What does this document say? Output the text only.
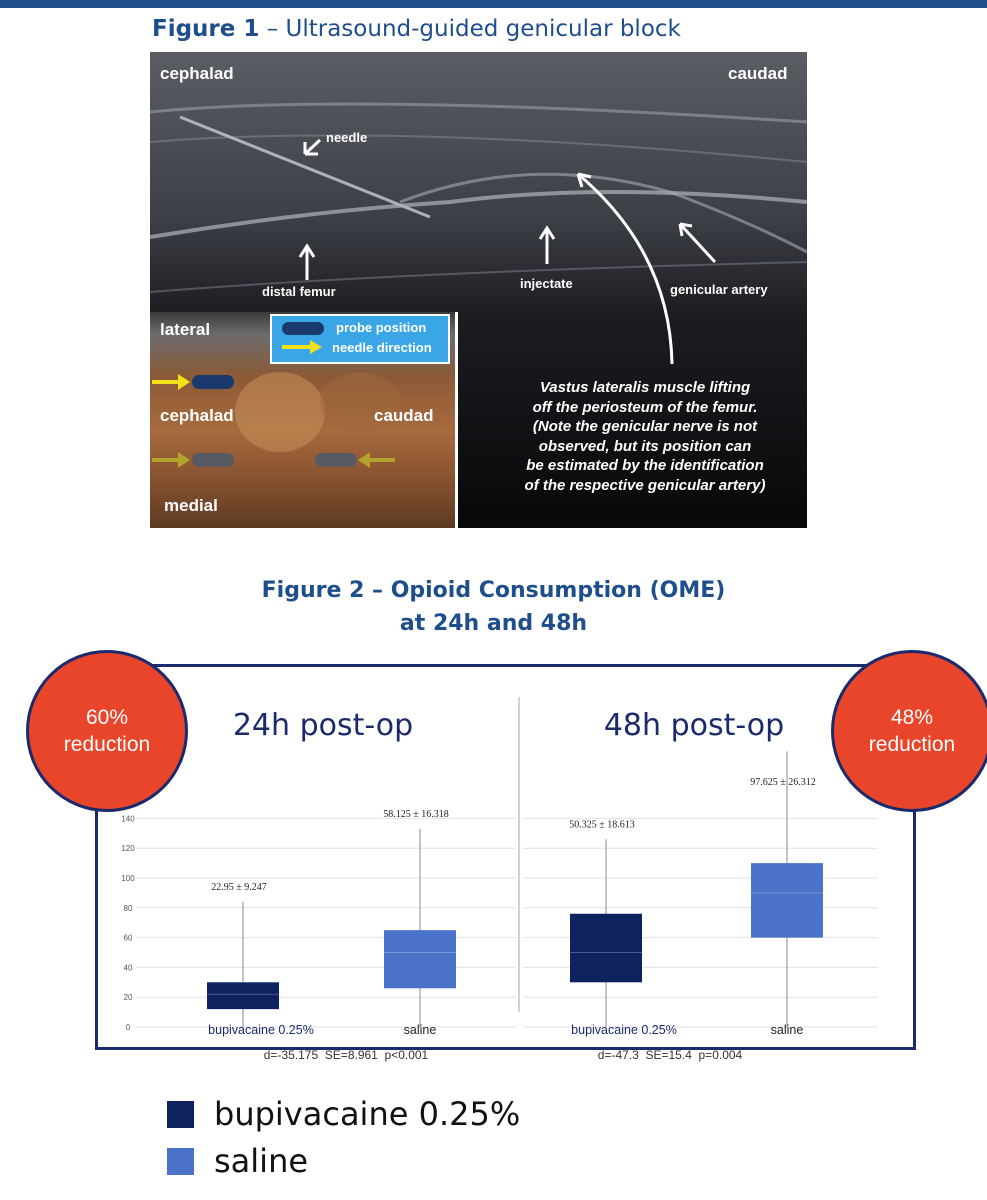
Figure 1 – Ultrasound-guided genicular block
cephalad	caudad
needle
distal femur
injectate	genicular artery
Vastus lateralis muscle lifting
off the periosteum of the femur.
(Note the genicular nerve is not
observed, but its position can
be estimated by the identification
of the respective genicular artery)
lateral
cephalad	caudad
medial
probe position
needle direction
Figure 2 – Opioid Consumption (OME)
at 24h and 48h
0
20
40
60
80
100
120
140
24h post-op
22.95 ± 9.247
bupivacaine 0.25%
58.125 ± 16.318
saline
48h post-op
50.325 ± 18.613
bupivacaine 0.25%
97.625 ± 26.312
saline
60%
reduction
48%
reduction
bupivacaine 0.25%
saline
d=-35.175  SE=8.961  p<0.001	d=-47.3  SE=15.4  p=0.004
